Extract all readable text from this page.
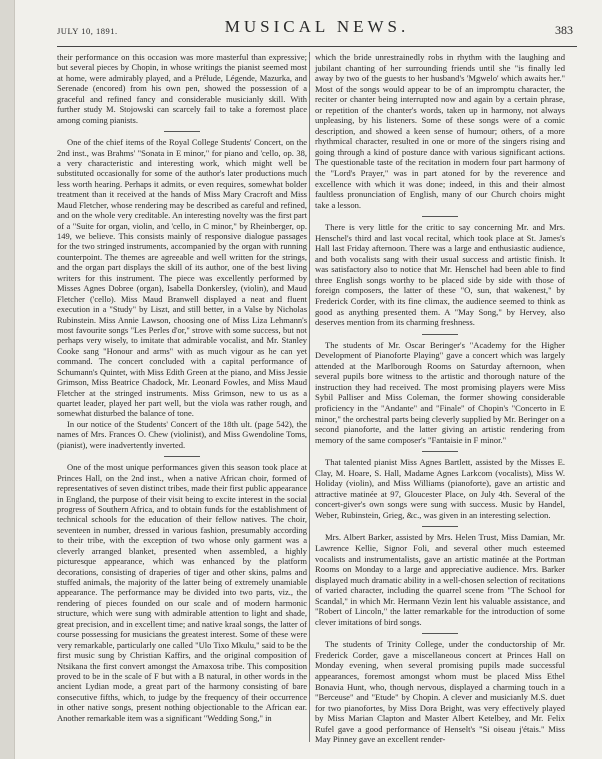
JULY 10, 1891.	MUSICAL NEWS.	383

their performance on this occasion was more masterful than expressive; but several pieces by Chopin, in whose writings the pianist seemed most at home, were admirably played, and a Prélude, Légende, Mazurka, and Serenade (encored) from his own pen, showed the possession of a graceful and refined fancy and considerable musicianly skill. With further study M. Stojowski can scarcely fail to take a foremost place among coming pianists.

One of the chief items of the Royal College Students' Concert, on the 2nd inst., was Brahms' "Sonata in E minor," for piano and 'cello, op. 38, a very characteristic and interesting work, which might well be substituted occasionally for some of the author's later productions much less worth hearing. Perhaps it admits, or even requires, somewhat bolder treatment than it received at the hands of Miss Mary Cracroft and Miss Maud Fletcher, whose rendering may be described as careful and refined, and on the whole very creditable. An interesting novelty was the first part of a "Suite for organ, violin, and 'cello, in C minor," by Rheinberger, op. 149, we believe. This consists mainly of responsive dialogue passages for the two stringed instruments, accompanied by the organ with running counterpoint. The themes are agreeable and well written for the strings, and the organ part displays the skill of its author, one of the best living writers for this instrument. The piece was excellently performed by Misses Agnes Dobree (organ), Isabella Donkersley, (violin), and Maud Fletcher ('cello). Miss Maud Branwell displayed a neat and fluent execution in a "Study" by Liszt, and still better, in a Valse by Nicholas Rubinstein. Miss Annie Lawson, choosing one of Miss Liza Lehmann's most favourite songs "Les Perles d'or," strove with some success, but not perhaps very wisely, to imitate that admirable vocalist, and Mr. Stanley Cooke sang "Honour and arms" with as much vigour as he can yet command. The concert concluded with a capital performance of Schumann's Quintet, with Miss Edith Green at the piano, and Miss Jessie Grimson, Miss Beatrice Chadock, Mr. Leonard Fowles, and Miss Maud Fletcher at the stringed instruments. Miss Grimson, new to us as a quartet leader, played her part well, but the viola was rather rough, and somewhat disturbed the balance of tone.

In our notice of the Students' Concert of the 18th ult. (page 542), the names of Mrs. Frances O. Chew (violinist), and Miss Gwendoline Toms, (pianist), were inadvertently inverted.

One of the most unique performances given this season took place at Princes Hall, on the 2nd inst., when a native African choir, formed of representatives of seven distinct tribes, made their first public appearance in England, the purpose of their visit being to excite interest in the social progress of Southern Africa, and to obtain funds for the establishment of technical schools for the education of their fellow natives. The choir, seventeen in number, dressed in various fashion, presumably according to their tribe, with the exception of two whose only garment was a cleverly arranged blanket, presented when assembled, a highly picturesque appearance, which was enhanced by the platform decorations, consisting of draperies of tiger and other skins, palms and stuffed animals, the majority of the latter being of extremely unamiable appearance. The performance may be divided into two parts, viz., the rendering of pieces founded on our scale and of modern harmonic structure, which were sung with admirable attention to light and shade, great precision, and in excellent time; and native kraal songs, the latter of course possessing for musicians the greatest interest. Some of these were very remarkable, particularly one called "Ulo Tixo Mkulu," said to be the first music sung by Christian Kaffirs, and the original composition of Ntsikana the first convert amongst the Amaxosa tribe. This composition proved to be in the scale of F but with a B natural, in other words in the ancient Lydian mode, a great part of the harmony consisting of bare consecutive fifths, which, to judge by the frequency of their occurrence in other native songs, present nothing objectionable to the African ear. Another remarkable item was a significant "Wedding Song," in

which the bride unrestrainedly robs in rhythm with the laughing and jubilant chanting of her surrounding friends until she "is finally led away by two of the guests to her husband's 'Mgwelo' which awaits her." Most of the songs would appear to be of an impromptu character, the reciter or chanter being interrupted now and again by a certain phrase, or repetition of the chanter's words, taken up in harmony, not always unpleasing, by his listeners. Some of these songs were of a comic description, and showed a keen sense of humour; others, of a more rhythmical character, resulted in one or more of the singers rising and going through a kind of posture dance with various significant actions. The questionable taste of the recitation in modern four part harmony of the "Lord's Prayer," was in part atoned for by the reverence and excellence with which it was done; indeed, in this and their almost faultless pronunciation of English, many of our Church choirs might take a lesson.

There is very little for the critic to say concerning Mr. and Mrs. Henschel's third and last vocal recital, which took place at St. James's Hall last Friday afternoon. There was a large and enthusiastic audience, and both vocalists sang with their usual success and artistic finish. It was satisfactory also to notice that Mr. Henschel had been able to find three English songs worthy to be placed side by side with those of foreign composers, the latter of these "O, sun, that wakenest," by Frederick Corder, with its fine climax, the audience seemed to think as good as anything presented them. A "May Song," by Hervey, also deserves mention from its charming freshness.

The students of Mr. Oscar Beringer's "Academy for the Higher Development of Pianoforte Playing" gave a concert which was largely attended at the Marlborough Rooms on Saturday afternoon, when several pupils bore witness to the artistic and thorough nature of the instruction they had received. The most promising players were Miss Sybil Palliser and Miss Coleman, the former showing considerable proficiency in the "Andante" and "Finale" of Chopin's "Concerto in E minor," the orchestral parts being cleverly supplied by Mr. Beringer on a second pianoforte, and the latter giving an artistic rendering from memory of the same composer's "Fantaisie in F minor."

That talented pianist Miss Agnes Bartlett, assisted by the Misses E. Clay, M. Hoare, S. Hall, Madame Agnes Larkcom (vocalists), Miss W. Holiday (violin), and Miss Williams (pianoforte), gave an artistic and attractive matinée at 97, Gloucester Place, on July 4th. Several of the concert-giver's own songs were sung with success. Music by Handel, Weber, Rubinstein, Grieg, &c., was given in an interesting selection.

Mrs. Albert Barker, assisted by Mrs. Helen Trust, Miss Damian, Mr. Lawrence Kellie, Signor Foli, and several other much esteemed vocalists and instrumentalists, gave an artistic matinée at the Portman Rooms on Monday to a large and appreciative audience. Mrs. Barker displayed much dramatic ability in a well-chosen selection of recitations of varied character, including the quarrel scene from "The School for Scandal," in which Mr. Hermann Vezin lent his valuable assistance, and "Robert of Lincoln," the latter remarkable for the introduction of some clever imitations of bird songs.

The students of Trinity College, under the conductorship of Mr. Frederick Corder, gave a miscellaneous concert at Princes Hall on Monday evening, when several promising pupils made successful appearances, foremost amongst whom must be placed Miss Ethel Bonavia Hunt, who, though nervous, displayed a charming touch in a "Berceuse" and "Etude" by Chopin. A clever and musicianly M.S. duet for two pianofortes, by Miss Dora Bright, was very effectively played by Miss Marian Clapton and Master Albert Ketelbey, and Mr. Felix Rufel gave a good performance of Henselt's "Si oiseau j'étais." Miss May Pinney gave an excellent render-
